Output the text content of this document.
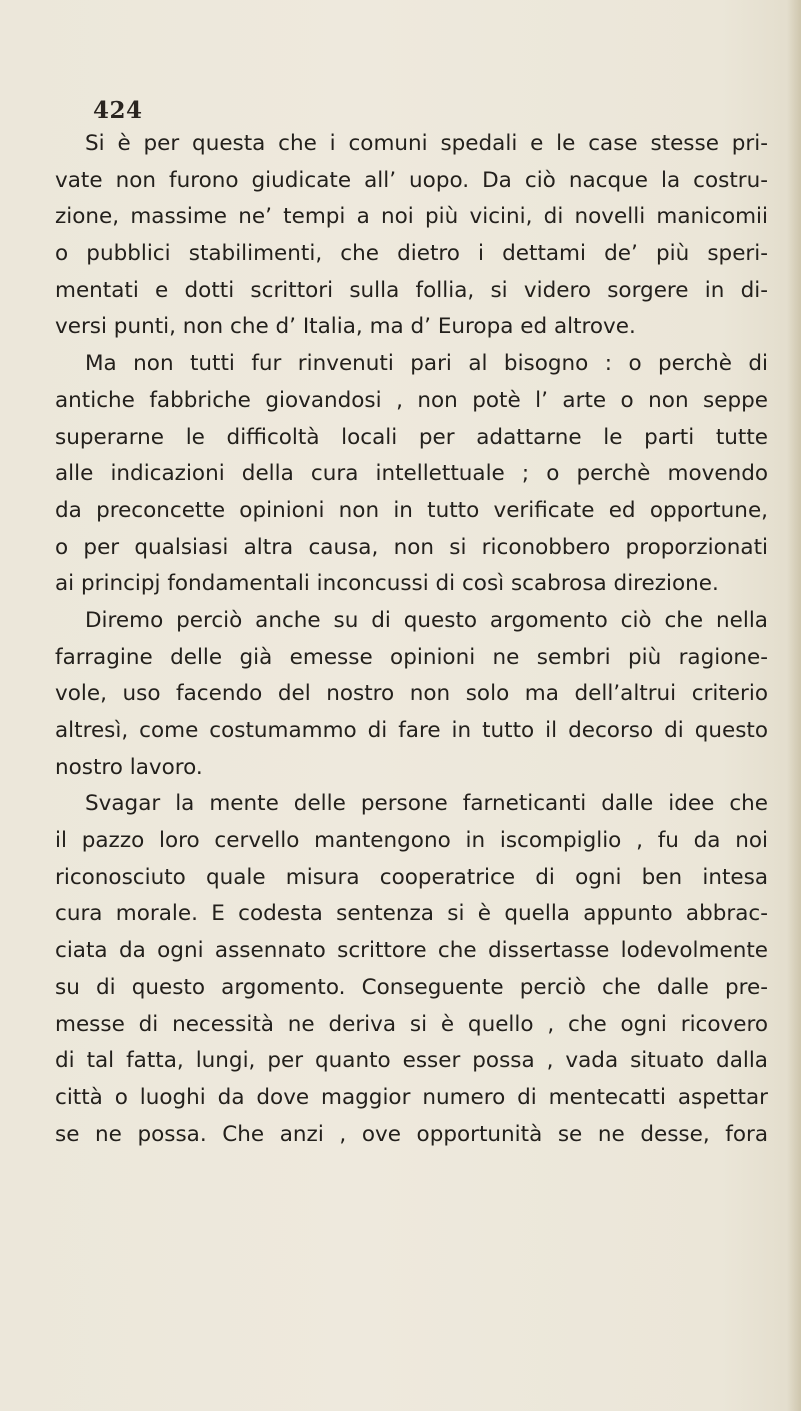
424
Si è per questa che i comuni spedali e le case stesse pri-
vate non furono giudicate all’ uopo. Da ciò nacque la costru-
zione, massime ne’ tempi a noi più vicini, di novelli manicomii
o pubblici stabilimenti, che dietro i dettami de’ più speri-
mentati e dotti scrittori sulla follia, si videro sorgere in di-
versi punti, non che d’ Italia, ma d’ Europa ed altrove.
Ma non tutti fur rinvenuti pari al bisogno : o perchè di
antiche fabbriche giovandosi , non potè l’ arte o non seppe
superarne le difficoltà locali per adattarne le parti tutte
alle indicazioni della cura intellettuale ; o perchè movendo
da preconcette opinioni non in tutto verificate ed opportune,
o per qualsiasi altra causa, non si riconobbero proporzionati
ai principj fondamentali inconcussi di così scabrosa direzione.
Diremo perciò anche su di questo argomento ciò che nella
farragine delle già emesse opinioni ne sembri più ragione-
vole, uso facendo del nostro non solo ma dell’altrui criterio
altresì, come costumammo di fare in tutto il decorso di questo
nostro lavoro.
Svagar la mente delle persone farneticanti dalle idee che
il pazzo loro cervello mantengono in iscompiglio , fu da noi
riconosciuto quale misura cooperatrice di ogni ben intesa
cura morale. E codesta sentenza si è quella appunto abbrac-
ciata da ogni assennato scrittore che dissertasse lodevolmente
su di questo argomento. Conseguente perciò che dalle pre-
messe di necessità ne deriva si è quello , che ogni ricovero
di tal fatta, lungi, per quanto esser possa , vada situato dalla
città o luoghi da dove maggior numero di mentecatti aspettar
se ne possa. Che anzi , ove opportunità se ne desse, fora
